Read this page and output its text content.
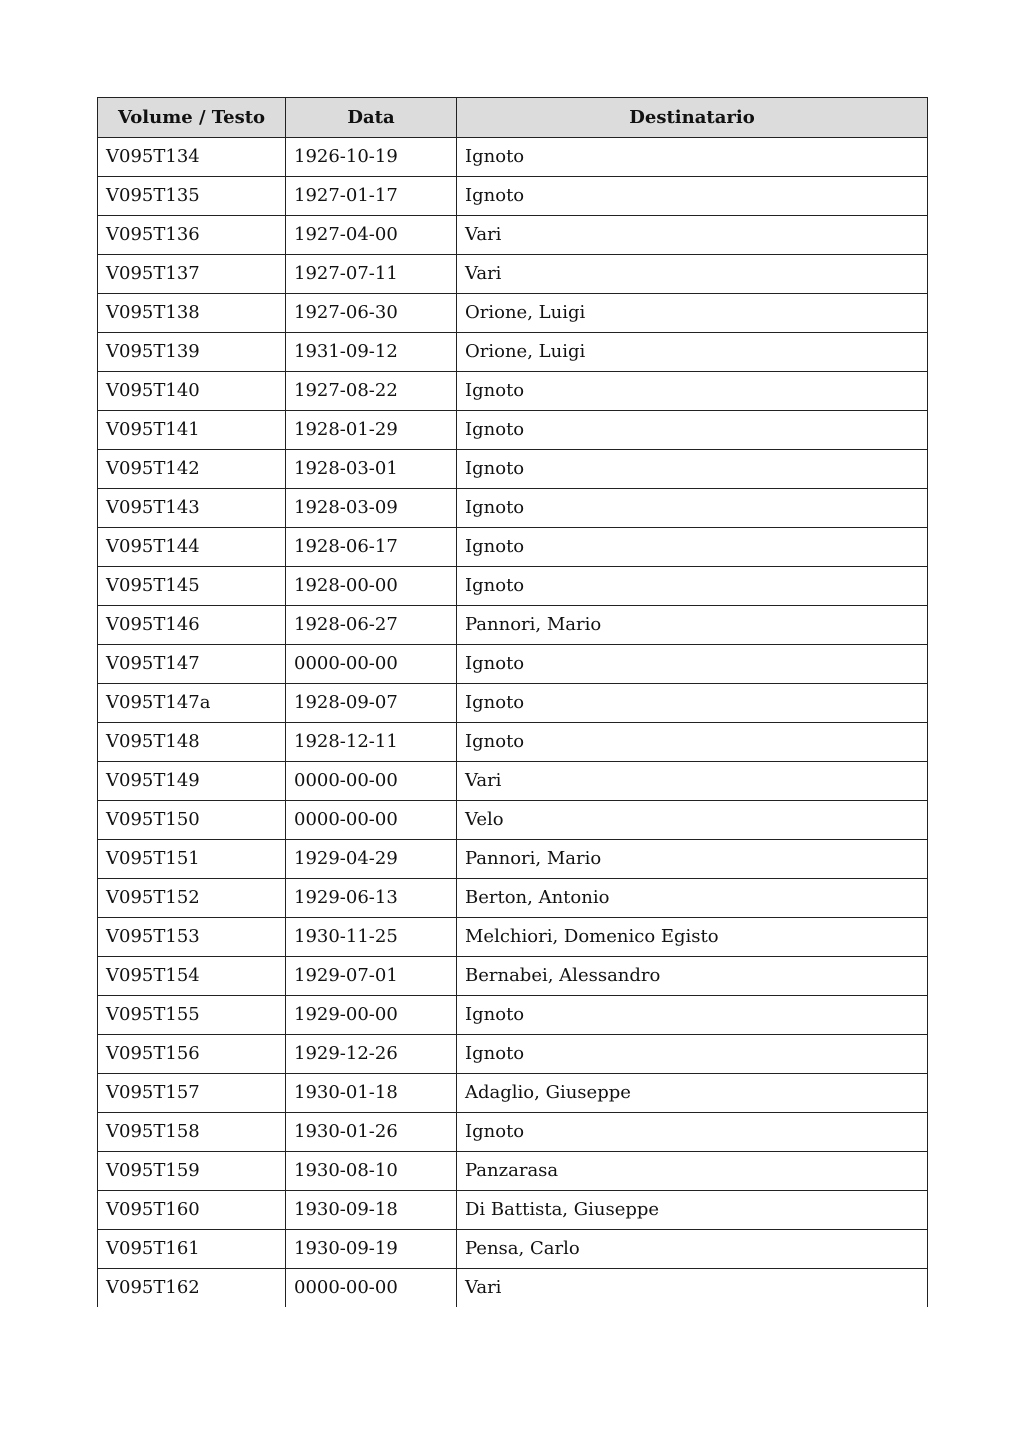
Volume / Testo	Data	Destinatario
V095T134	1926-10-19	Ignoto
V095T135	1927-01-17	Ignoto
V095T136	1927-04-00	Vari
V095T137	1927-07-11	Vari
V095T138	1927-06-30	Orione, Luigi
V095T139	1931-09-12	Orione, Luigi
V095T140	1927-08-22	Ignoto
V095T141	1928-01-29	Ignoto
V095T142	1928-03-01	Ignoto
V095T143	1928-03-09	Ignoto
V095T144	1928-06-17	Ignoto
V095T145	1928-00-00	Ignoto
V095T146	1928-06-27	Pannori, Mario
V095T147	0000-00-00	Ignoto
V095T147a	1928-09-07	Ignoto
V095T148	1928-12-11	Ignoto
V095T149	0000-00-00	Vari
V095T150	0000-00-00	Velo
V095T151	1929-04-29	Pannori, Mario
V095T152	1929-06-13	Berton, Antonio
V095T153	1930-11-25	Melchiori, Domenico Egisto
V095T154	1929-07-01	Bernabei, Alessandro
V095T155	1929-00-00	Ignoto
V095T156	1929-12-26	Ignoto
V095T157	1930-01-18	Adaglio, Giuseppe
V095T158	1930-01-26	Ignoto
V095T159	1930-08-10	Panzarasa
V095T160	1930-09-18	Di Battista, Giuseppe
V095T161	1930-09-19	Pensa, Carlo
V095T162	0000-00-00	Vari
